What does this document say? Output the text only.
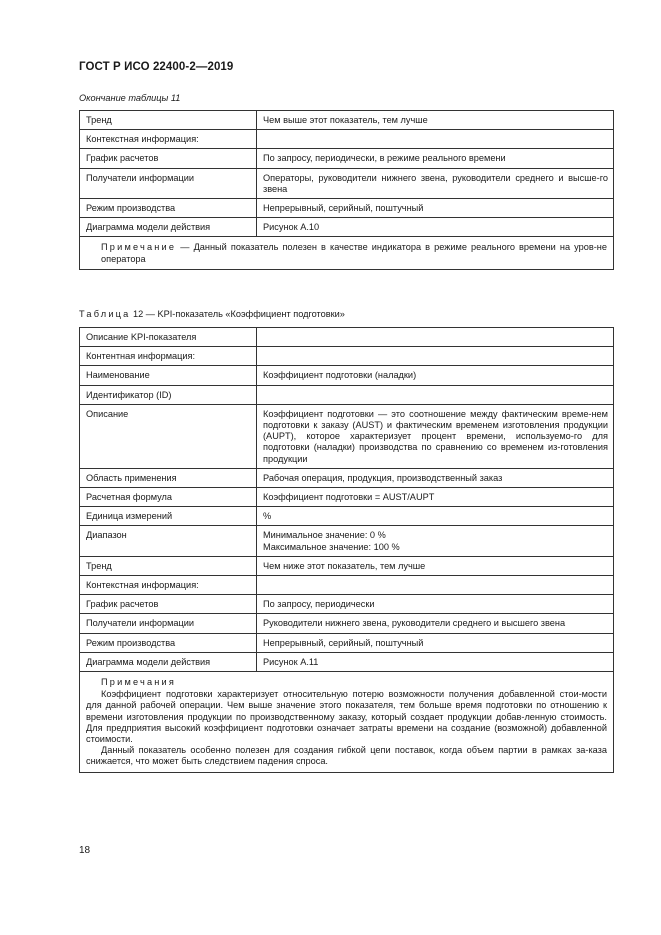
ГОСТ Р ИСО 22400-2—2019
Окончание таблицы 11
Тренд	Чем выше этот показатель, тем лучше
Контекстная информация:	
График расчетов	По запросу, периодически, в режиме реального времени
Получатели информации	Операторы, руководители нижнего звена, руководители среднего и высше-го звена
Режим производства	Непрерывный, серийный, поштучный
Диаграмма модели действия	Рисунок А.10
Примечание — Данный показатель полезен в качестве индикатора в режиме реального времени на уров-не оператора	
Таблица 12 — KPI-показатель «Коэффициент подготовки»
Описание KPI-показателя	
Контентная информация:	
Наименование	Коэффициент подготовки (наладки)
Идентификатор (ID)	
Описание	Коэффициент подготовки — это соотношение между фактическим време-нем подготовки к заказу (AUST) и фактическим временем изготовления продукции (AUPT), которое характеризует процент времени, используемо-го для подготовки (наладки) производства по сравнению со временем из-готовления продукции
Область применения	Рабочая операция, продукция, производственный заказ
Расчетная формула	Коэффициент подготовки = AUST/AUPT
Единица измерений	%
Диапазон	Минимальное значение: 0 %
Максимальное значение: 100 %

Тренд	Чем ниже этот показатель, тем лучше
Контекстная информация:	
График расчетов	По запросу, периодически
Получатели информации	Руководители нижнего звена, руководители среднего и высшего звена
Режим производства	Непрерывный, серийный, поштучный
Диаграмма модели действия	Рисунок А.11

Примечания

Коэффициент подготовки характеризует относительную потерю возможности получения добавленной стои-мости для данной рабочей операции. Чем выше значение этого показателя, тем больше время подготовки по отношению к времени изготовления продукции по производственному заказу, который создает продукции добав-ленную стоимость. Для предприятия высокий коэффициент подготовки означает затраты времени на создание (возможной) добавленной стоимости.

Данный показатель особенно полезен для создания гибкой цепи поставок, когда объем партии в рамках за-каза снижается, что может быть следствием падения спроса.	

18
